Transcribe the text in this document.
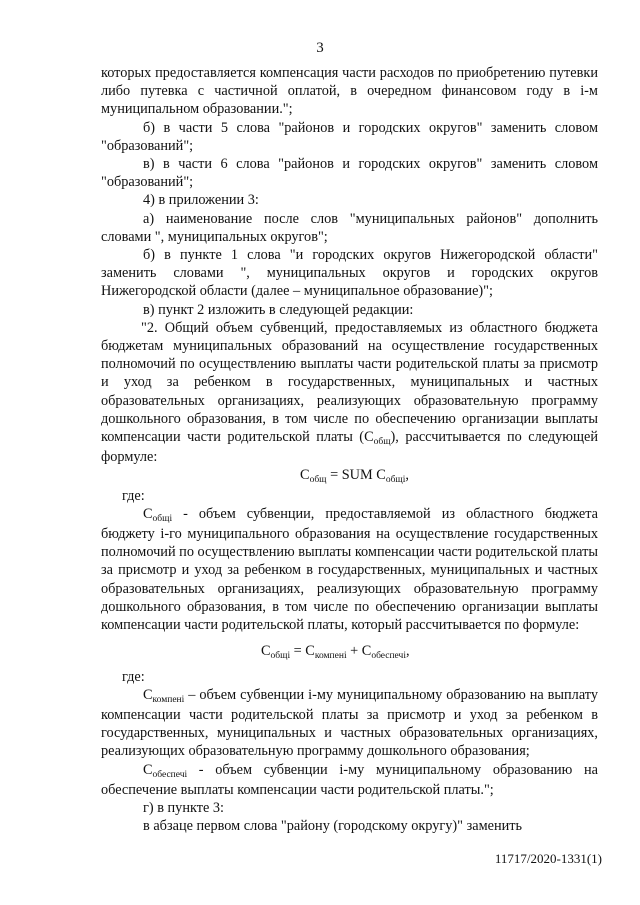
3

которых предоставляется компенсация части расходов по приобретению путевки либо путевка с частичной оплатой, в очередном финансовом году в i-м муниципальном образовании.";

б) в части 5 слова "районов и городских округов" заменить словом "образований";

в) в части 6 слова "районов и городских округов" заменить словом "образований";

4) в приложении 3:

а) наименование после слов "муниципальных районов" дополнить словами ", муниципальных округов";

б) в пункте 1 слова "и городских округов Нижегородской области" заменить словами ", муниципальных округов и городских округов Нижегородской области (далее – муниципальное образование)";

в) пункт 2 изложить в следующей редакции:

"2. Общий объем субвенций, предоставляемых из областного бюджета бюджетам муниципальных образований на осуществление государственных полномочий по осуществлению выплаты части родительской платы за присмотр и уход за ребенком в государственных, муниципальных и частных образовательных организациях, реализующих образовательную программу дошкольного образования, в том числе по обеспечению организации выплаты компенсации части родительской платы $(С_{общ})$, рассчитывается по следующей формуле:

$С_{общ}$ = SUM $С_{общi}$,

где:

$С_{общi}$ - объем субвенции, предоставляемой из областного бюджета бюджету i-го муниципального образования на осуществление государственных полномочий по осуществлению выплаты компенсации части родительской платы за присмотр и уход за ребенком в государственных, муниципальных и частных образовательных организациях, реализующих образовательную программу дошкольного образования, в том числе по обеспечению организации выплаты компенсации части родительской платы, который рассчитывается по формуле:

$С_{общi} = С_{компенi} + С_{обеспечi}$,

где:

$С_{компенi}$ – объем субвенции i-му муниципальному образованию на выплату компенсации части родительской платы за присмотр и уход за ребенком в государственных, муниципальных и частных образовательных организациях, реализующих образовательную программу дошкольного образования;

$С_{обеспечi}$ - объем субвенции i-му муниципальному образованию на обеспечение выплаты компенсации части родительской платы.";

г) в пункте 3:

в абзаце первом слова "району (городскому округу)" заменить

11717/2020-1331(1)
